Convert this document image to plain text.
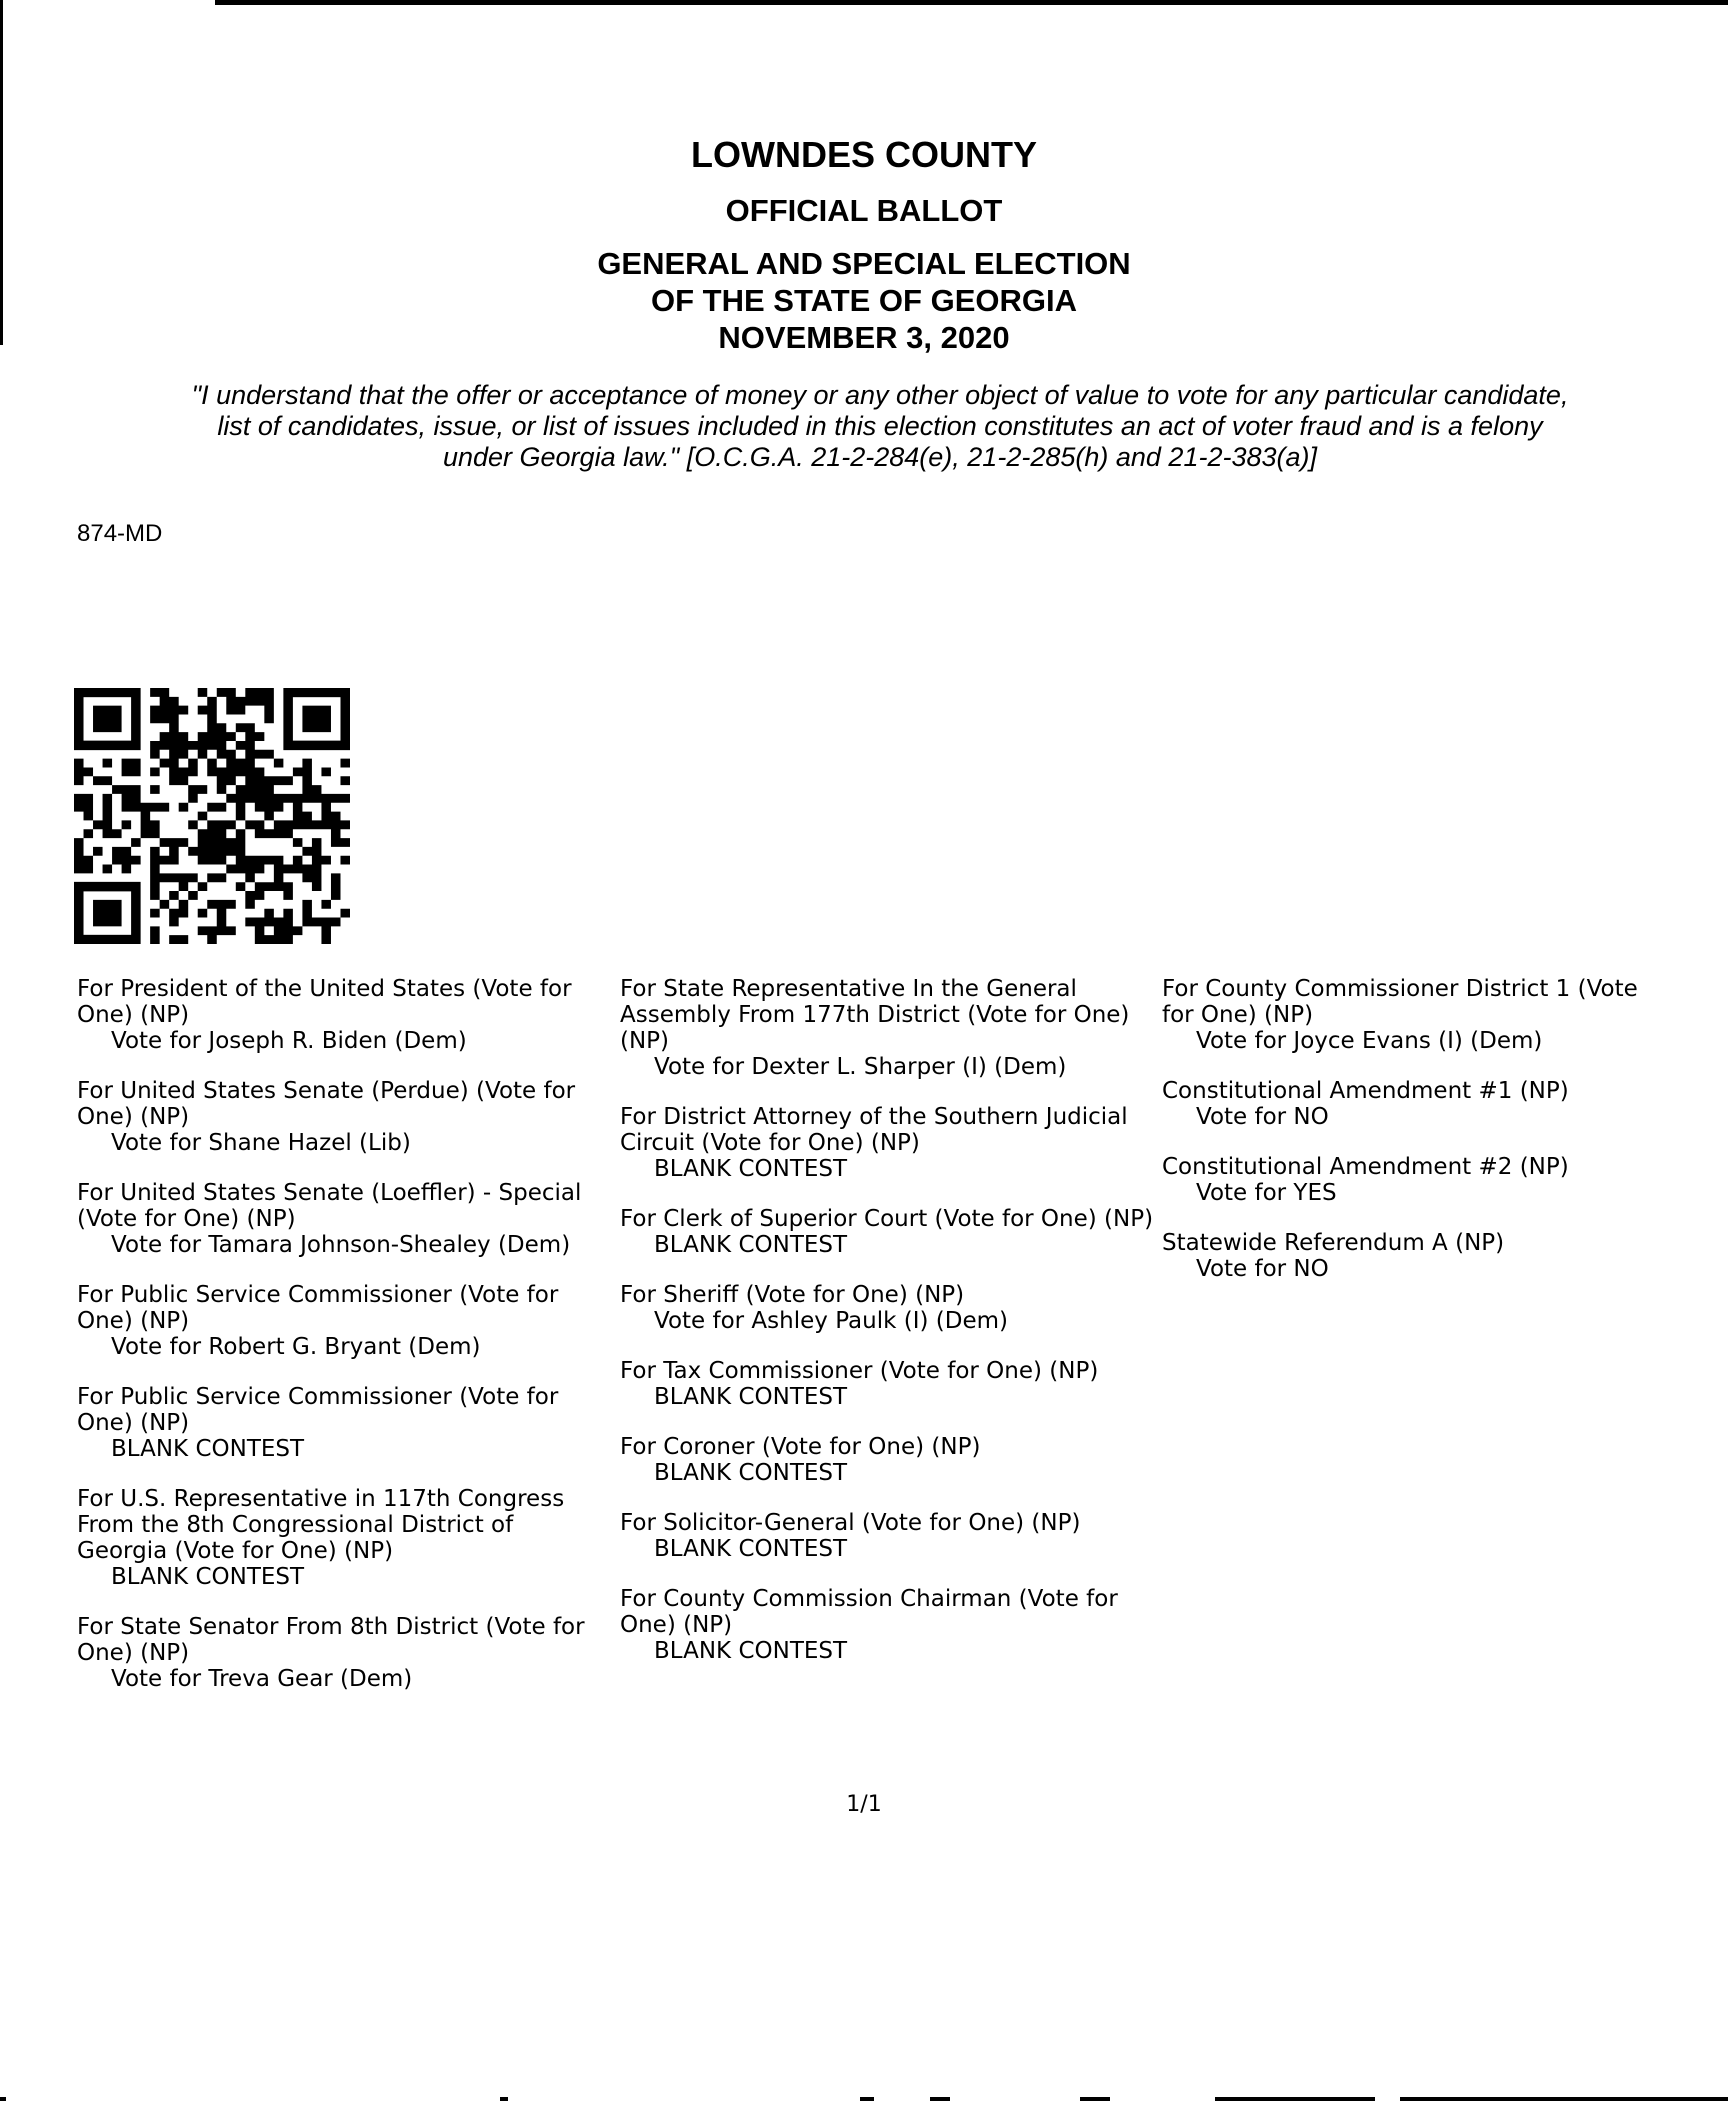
LOWNDES COUNTY
OFFICIAL BALLOT
GENERAL AND SPECIAL ELECTION
OF THE STATE OF GEORGIA
NOVEMBER 3, 2020
"I understand that the offer or acceptance of money or any other object of value to vote for any particular candidate,
list of candidates, issue, or list of issues included in this election constitutes an act of voter fraud and is a felony
under Georgia law." [O.C.G.A. 21-2-284(e), 21-2-285(h) and 21-2-383(a)]
874-MD
For President of the United States (Vote for One) (NP)
Vote for Joseph R. Biden (Dem)
For United States Senate (Perdue) (Vote for One) (NP)
Vote for Shane Hazel (Lib)
For United States Senate (Loeffler) - Special (Vote for One) (NP)
Vote for Tamara Johnson-Shealey (Dem)
For Public Service Commissioner (Vote for One) (NP)
Vote for Robert G. Bryant (Dem)
For Public Service Commissioner (Vote for One) (NP)
BLANK CONTEST
For U.S. Representative in 117th Congress From the 8th Congressional District of Georgia (Vote for One) (NP)
BLANK CONTEST
For State Senator From 8th District (Vote for One) (NP)
Vote for Treva Gear (Dem)
For State Representative In the General Assembly From 177th District (Vote for One) (NP)
Vote for Dexter L. Sharper (I) (Dem)
For District Attorney of the Southern Judicial Circuit (Vote for One) (NP)
BLANK CONTEST
For Clerk of Superior Court (Vote for One) (NP)
BLANK CONTEST
For Sheriff (Vote for One) (NP)
Vote for Ashley Paulk (I) (Dem)
For Tax Commissioner (Vote for One) (NP)
BLANK CONTEST
For Coroner (Vote for One) (NP)
BLANK CONTEST
For Solicitor-General (Vote for One) (NP)
BLANK CONTEST
For County Commission Chairman (Vote for One) (NP)
BLANK CONTEST
For County Commissioner District 1 (Vote
for One) (NP)
Vote for Joyce Evans (I) (Dem)
Constitutional Amendment #1 (NP)
Vote for NO
Constitutional Amendment #2 (NP)
Vote for YES
Statewide Referendum A (NP)
Vote for NO
1/1
